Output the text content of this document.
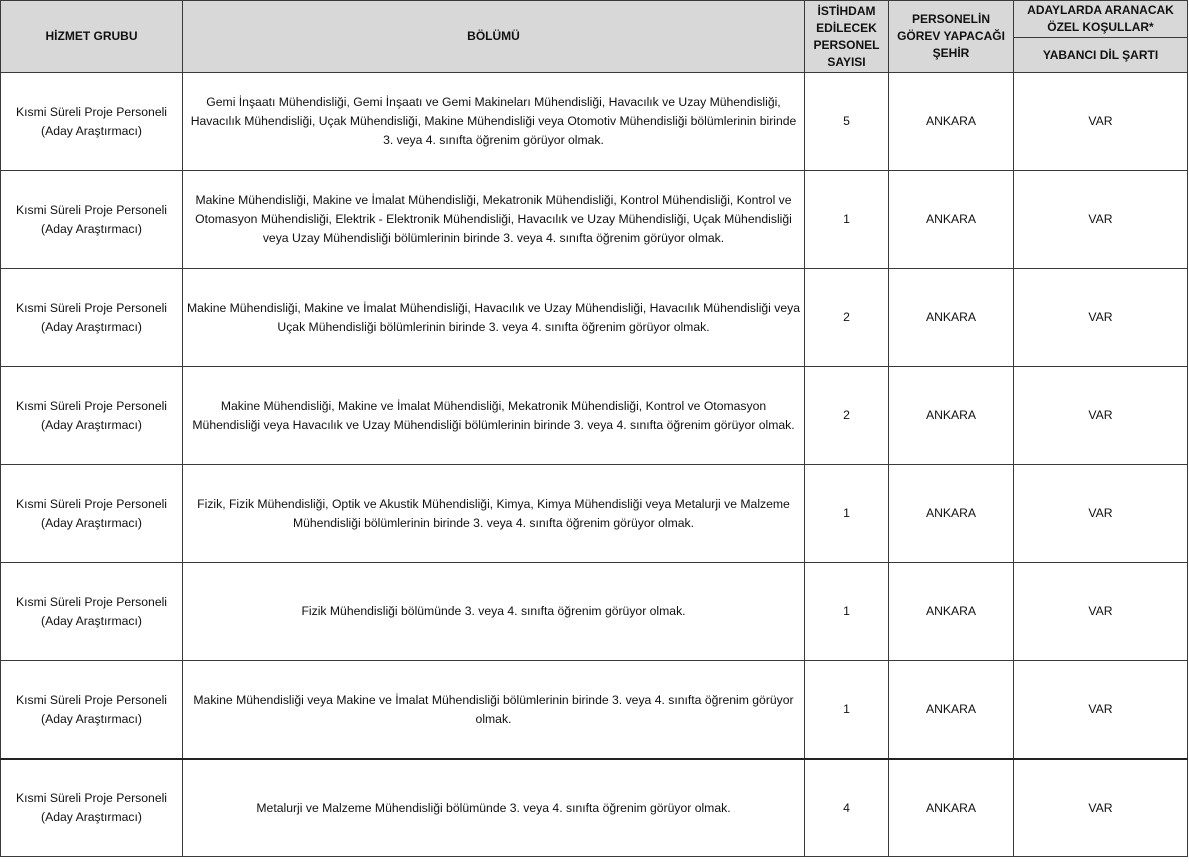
HİZMET GRUBU	BÖLÜMÜ	İSTİHDAM EDİLECEK PERSONEL SAYISI	PERSONELİN GÖREV YAPACAĞI ŞEHİR	ADAYLARDA ARANACAK ÖZEL KOŞULLAR*
				YABANCI DİL ŞARTI
Kısmi Süreli Proje Personeli (Aday Araştırmacı)	Gemi İnşaatı Mühendisliği, Gemi İnşaatı ve Gemi Makineları Mühendisliği, Havacılık ve Uzay Mühendisliği, Havacılık Mühendisliği, Uçak Mühendisliği, Makine Mühendisliği veya Otomotiv Mühendisliği bölümlerinin birinde 3. veya 4. sınıfta öğrenim görüyor olmak.	5	ANKARA	VAR
Kısmi Süreli Proje Personeli (Aday Araştırmacı)	Makine Mühendisliği, Makine ve İmalat Mühendisliği, Mekatronik Mühendisliği, Kontrol Mühendisliği, Kontrol ve Otomasyon Mühendisliği, Elektrik - Elektronik Mühendisliği, Havacılık ve Uzay Mühendisliği, Uçak Mühendisliği veya Uzay Mühendisliği bölümlerinin birinde 3. veya 4. sınıfta öğrenim görüyor olmak.	1	ANKARA	VAR
Kısmi Süreli Proje Personeli (Aday Araştırmacı)	Makine Mühendisliği, Makine ve İmalat Mühendisliği, Havacılık ve Uzay Mühendisliği, Havacılık Mühendisliği veya Uçak Mühendisliği bölümlerinin birinde 3. veya 4. sınıfta öğrenim görüyor olmak.	2	ANKARA	VAR
Kısmi Süreli Proje Personeli (Aday Araştırmacı)	Makine Mühendisliği, Makine ve İmalat Mühendisliği, Mekatronik Mühendisliği, Kontrol ve Otomasyon Mühendisliği veya Havacılık ve Uzay Mühendisliği bölümlerinin birinde 3. veya 4. sınıfta öğrenim görüyor olmak.	2	ANKARA	VAR
Kısmi Süreli Proje Personeli (Aday Araştırmacı)	Fizik, Fizik Mühendisliği, Optik ve Akustik Mühendisliği, Kimya, Kimya Mühendisliği veya Metalurji ve Malzeme Mühendisliği bölümlerinin birinde 3. veya 4. sınıfta öğrenim görüyor olmak.	1	ANKARA	VAR
Kısmi Süreli Proje Personeli (Aday Araştırmacı)	Fizik Mühendisliği bölümünde 3. veya 4. sınıfta öğrenim görüyor olmak.	1	ANKARA	VAR
Kısmi Süreli Proje Personeli (Aday Araştırmacı)	Makine Mühendisliği veya Makine ve İmalat Mühendisliği bölümlerinin birinde 3. veya 4. sınıfta öğrenim görüyor olmak.	1	ANKARA	VAR
Kısmi Süreli Proje Personeli (Aday Araştırmacı)	Metalurji ve Malzeme Mühendisliği bölümünde 3. veya 4. sınıfta öğrenim görüyor olmak.	4	ANKARA	VAR
